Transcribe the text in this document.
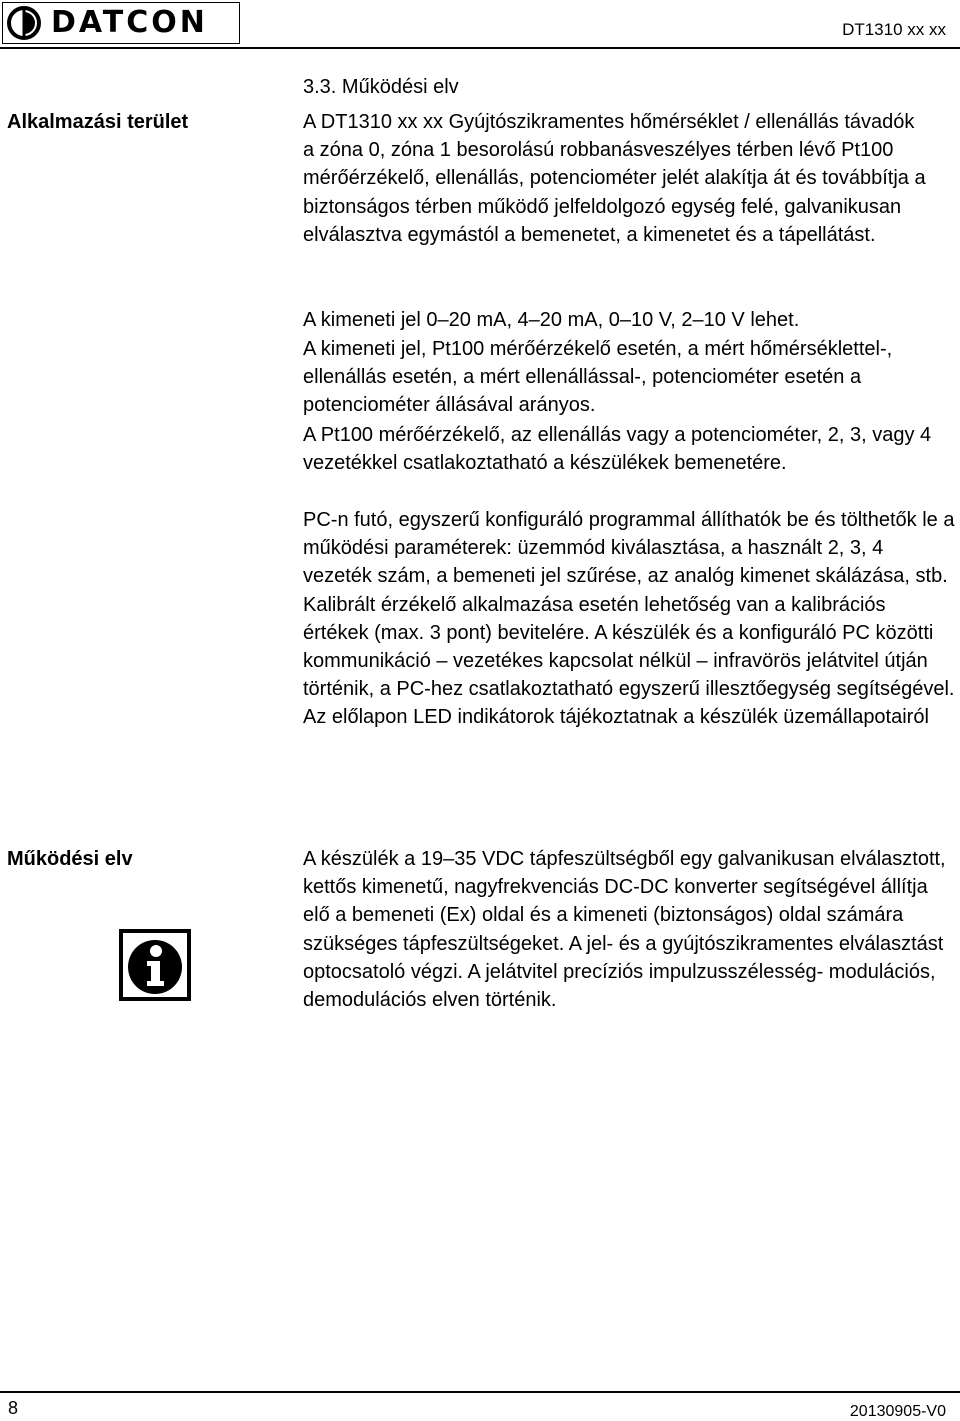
DATCON	DT1310 xx xx
3.3. Működési elv
Alkalmazási terület
Működési elv

A DT1310 xx xx Gyújtószikramentes hőmérséklet / ellenállás távadók a zóna 0, zóna 1 besorolású robbanásveszélyes térben lévő Pt100 mérőérzékelő, ellenállás, potenciométer jelét alakítja át és továbbítja a biztonságos térben működő jelfeldolgozó egység felé, galvanikusan elválasztva egymástól a bemenetet, a kimenetet és a tápellátást.

A kimeneti jel 0‒20 mA, 4‒20 mA, 0‒10 V, 2‒10 V lehet.

A kimeneti jel, Pt100 mérőérzékelő esetén, a mért hőmérséklettel-, ellenállás esetén, a mért ellenállással-, potenciométer esetén a potenciométer állásával arányos.

A Pt100 mérőérzékelő, az ellenállás vagy a potenciométer, 2, 3, vagy 4 vezetékkel csatlakoztatható a készülékek bemenetére.

PC-n futó, egyszerű konfiguráló programmal állíthatók be és tölthetők le a működési paraméterek: üzemmód kiválasztása, a használt 2, 3, 4 vezeték szám, a bemeneti jel szűrése, az analóg kimenet skálázása, stb. Kalibrált érzékelő alkalmazása esetén lehetőség van a kalibrációs értékek (max. 3 pont) bevitelére. A készülék és a konfiguráló PC közötti kommunikáció ‒ vezetékes kapcsolat nélkül ‒ infravörös jelátvitel útján történik, a PC-hez csatlakoztatható egyszerű illesztőegység segítségével. Az előlapon LED indikátorok tájékoztatnak a készülék üzemállapotairól

A készülék a 19‒35 VDC tápfeszültségből egy galvanikusan elválasztott, kettős kimenetű, nagyfrekvenciás DC-DC konverter segítségével állítja elő a bemeneti (Ex) oldal és a kimeneti (biztonságos) oldal számára szükséges tápfeszültségeket. A jel- és a gyújtószikramentes elválasztást optocsatoló végzi. A jelátvitel precíziós impulzusszélesség- modulációs, demodulációs elven történik.

8	20130905-V0
